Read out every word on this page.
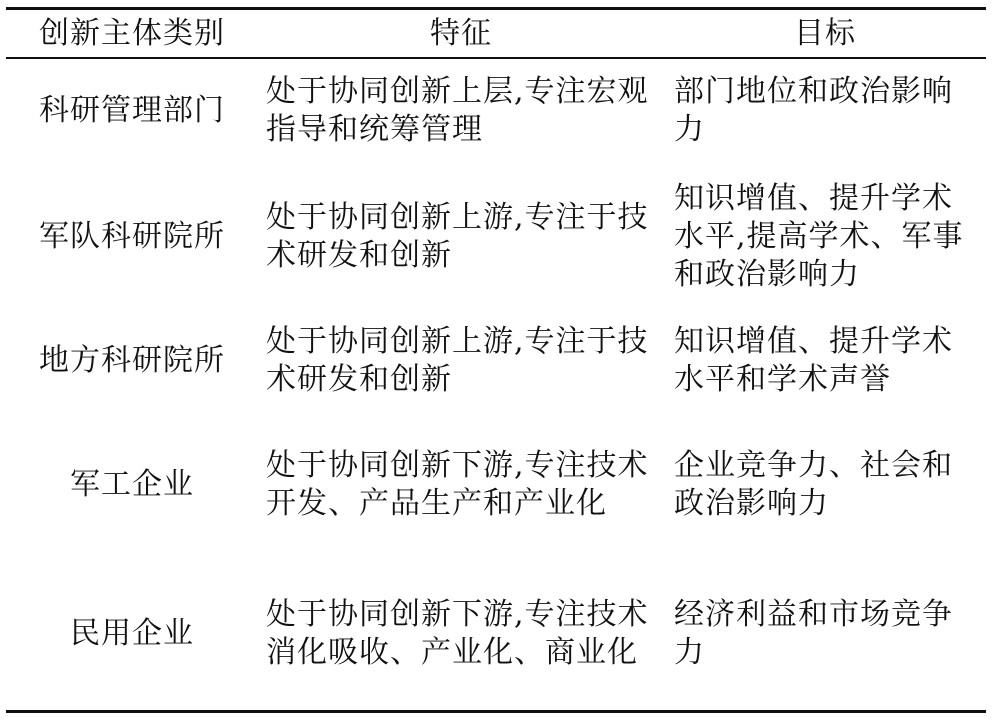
创新主体类别	特征	目标
科研管理部门
处于协同创新上层,专注宏观指导和统筹管理
部门地位和政治影响力
军队科研院所
处于协同创新上游,专注于技术研发和创新
知识增值、提升学术水平,提高学术、军事和政治影响力
地方科研院所
处于协同创新上游,专注于技术研发和创新
知识增值、提升学术水平和学术声誉
军工企业
处于协同创新下游,专注技术开发、产品生产和产业化
企业竞争力、社会和政治影响力
民用企业
处于协同创新下游,专注技术消化吸收、产业化、商业化
经济利益和市场竞争力
